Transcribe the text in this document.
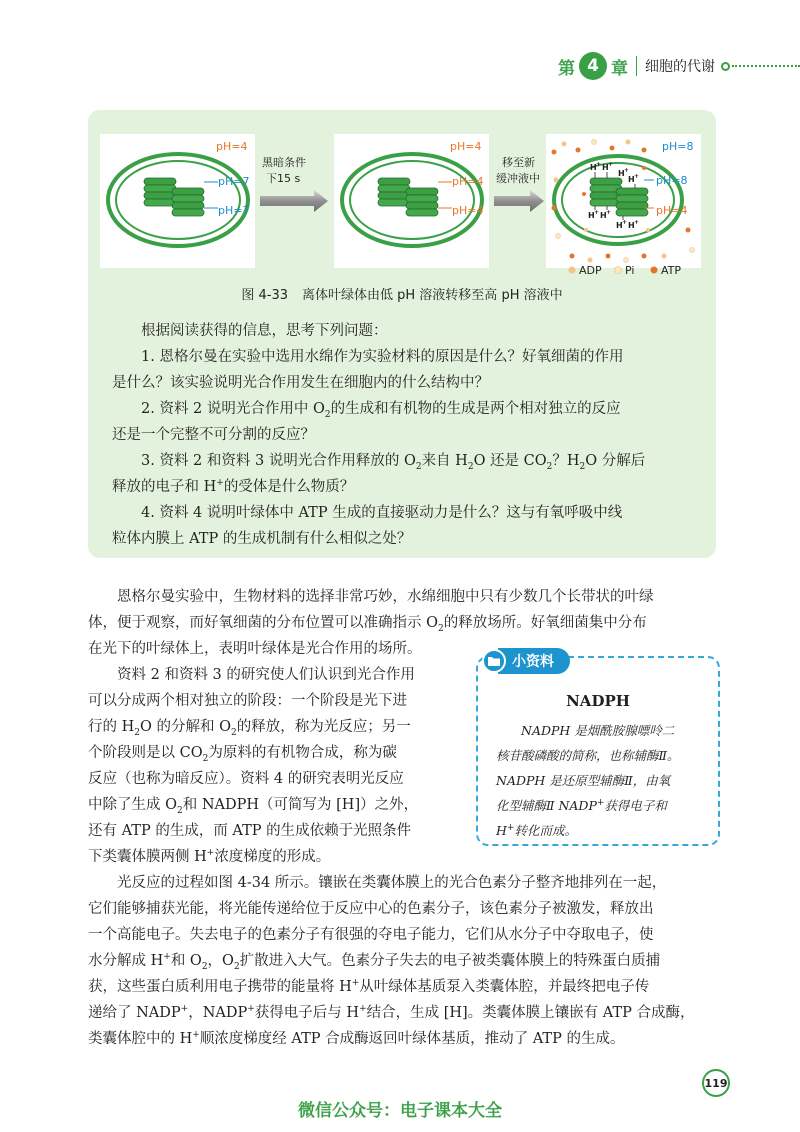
第 4 章 细胞的代谢
pH=4
pH=7
pH=7
黑暗条件
下15 s
pH=4
pH=4
pH=4
移至新
缓冲液中
H + H +
H +
H +
H + H +
H + H +
pH=8
pH=8
pH=4
ADP Pi ATP
图 4-33 离体叶绿体由低 pH 溶液转移至高 pH 溶液中

根据阅读获得的信息，思考下列问题：

1. 恩格尔曼在实验中选用水绵作为实验材料的原因是什么？好氧细菌的作用

是什么？该实验说明光合作用发生在细胞内的什么结构中？

2. 资料 2 说明光合作用中 $O_2$的生成和有机物的生成是两个相对独立的反应

还是一个完整不可分割的反应？

3. 资料 2 和资料 3 说明光合作用释放的 $O_2$来自 $H_2O$ 还是 $CO_2$？$H_2O$ 分解后

释放的电子和 H+的受体是什么物质？

4. 资料 4 说明叶绿体中 ATP 生成的直接驱动力是什么？这与有氧呼吸中线

粒体内膜上 ATP 的生成机制有什么相似之处？

恩格尔曼实验中，生物材料的选择非常巧妙，水绵细胞中只有少数几个长带状的叶绿
体，便于观察，而好氧细菌的分布位置可以准确指示 $O_2$的释放场所。好氧细菌集中分布
在光下的叶绿体上，表明叶绿体是光合作用的场所。
资料 2 和资料 3 的研究使人们认识到光合作用
可以分成两个相对独立的阶段：一个阶段是光下进
行的 $H_2O$ 的分解和 $O_2$的释放，称为光反应；另一
个阶段则是以 $CO_2$为原料的有机物合成，称为碳
反应（也称为暗反应）。资料 4 的研究表明光反应
中除了生成 $O_2$和 NADPH（可简写为 [H]）之外，
还有 ATP 的生成，而 ATP 的生成依赖于光照条件
下类囊体膜两侧 H+浓度梯度的形成。
小资料
NADPH

NADPH 是烟酰胺腺嘌呤二

核苷酸磷酸的简称，也称辅酶Ⅱ。
NADPH 是还原型辅酶Ⅱ，由氧
化型辅酶Ⅱ NADP+获得电子和
H+转化而成。
光反应的过程如图 4-34 所示。镶嵌在类囊体膜上的光合色素分子整齐地排列在一起，
它们能够捕获光能，将光能传递给位于反应中心的色素分子，该色素分子被激发，释放出
一个高能电子。失去电子的色素分子有很强的夺电子能力，它们从水分子中夺取电子，使
水分解成 H+和 $O_2$，$O_2$扩散进入大气。色素分子失去的电子被类囊体膜上的特殊蛋白质捕
获，这些蛋白质利用电子携带的能量将 H+从叶绿体基质泵入类囊体腔，并最终把电子传
递给了 NADP+，NADP+获得电子后与 H+结合，生成 [H]。类囊体膜上镶嵌有 ATP 合成酶，
类囊体腔中的 H+顺浓度梯度经 ATP 合成酶返回叶绿体基质，推动了 ATP 的生成。
119
微信公众号：电子课本大全
